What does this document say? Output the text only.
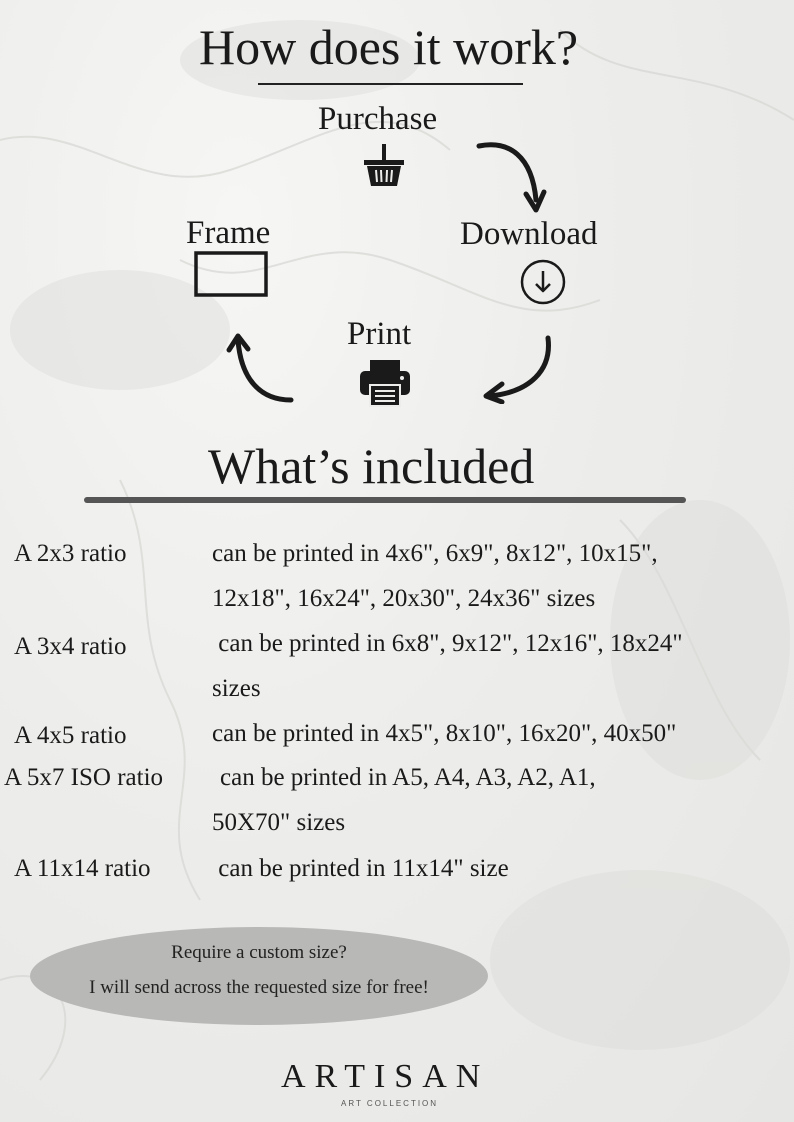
How does it work?
Purchase
Download
Frame
Print
What’s included
A 2x3 ratio	can be printed in 4x6", 6x9", 8x12", 10x15",
12x18", 16x24", 20x30", 24x36" sizes
A 3x4 ratio	can be printed in 6x8", 9x12", 12x16", 18x24"
sizes
A 4x5 ratio	can be printed in 4x5", 8x10", 16x20", 40x50"
A 5x7 ISO ratio can be printed in A5, A4, A3, A2, A1,
50X70" sizes
A 11x14 ratio can be printed in 11x14" size
Require a custom size?
I will send across the requested size for free!
ARTISAN
ART COLLECTION
